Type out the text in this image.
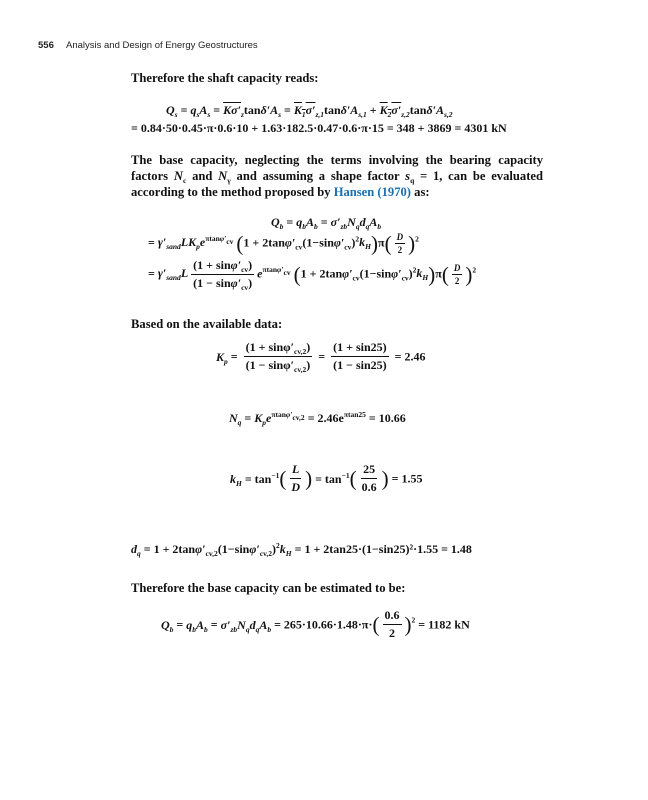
556 Analysis and Design of Energy Geostructures
Therefore the shaft capacity reads:
$Q_s = q_sA_s = K\sigma'_z\tan\delta'A_s = K_1\sigma'_{z,1}\tan\delta'A_{s,1} + K_2\sigma'_{z,2}\tan\delta'A_{s,2}$
= 0.84·50·0.45·π·0.6·10 + 1.63·182.5·0.47·0.6·π·15 = 348 + 3869 = 4301 kN
The base capacity, neglecting the terms involving the bearing capacity factors $N_c$ and $N_\gamma$ and assuming a shape factor $s_q = 1$, can be evaluated according to the method proposed by Hansen (1970) as:
$Q_b = q_bA_b = \sigma'_{zb}N_qd_qA_b$
= $\gamma'_{sand}LK_pe^{\pi tan\varphi'_{cv}}$ $(1 + 2\tan\varphi'_{cv}(1-\sin\varphi'_{cv})^2k_H)\pi( \frac{D}{2} )^2$
= $\gamma'_{sand}L \frac{(1 + \sin\varphi'_{cv})}{(1 - \sin\varphi'_{cv})} e^{\pi tan\varphi'_{cv}}$ $(1 + 2\tan\varphi'_{cv}(1-\sin\varphi'_{cv})^2k_H)\pi( \frac{D}{2} )^2$
Based on the available data:
$K_p = \frac{(1 + \sin\varphi'_{cv,2})}{(1 - \sin\varphi'_{cv,2})} = \frac{(1 + \sin 25)}{(1 - \sin 25)} = 2.46$
$N_q = K_pe^{\pi tan\varphi'_{cv,2}} = 2.46e^{\pi tan25} = 10.66$
$k_H = \tan^{-1}( \frac{L}{D}$ ) = $\tan^{-1}( \frac{25}{0.6}$ ) = 1.55
$d_q = 1 + 2\tan\varphi'_{cv,2}(1-\sin\varphi'_{cv,2})^2k_H = 1 + 2\tan 25\cdot(1-\sin 25)^2\cdot 1.55 = 1.48$
Therefore the base capacity can be estimated to be:
$Q_b = q_bA_b = \sigma'_{zb}N_qd_qA_b = 265\cdot 10.66\cdot 1.48\cdot\pi\cdot( \frac{0.6}{2} )^2 = 1182$ kN
